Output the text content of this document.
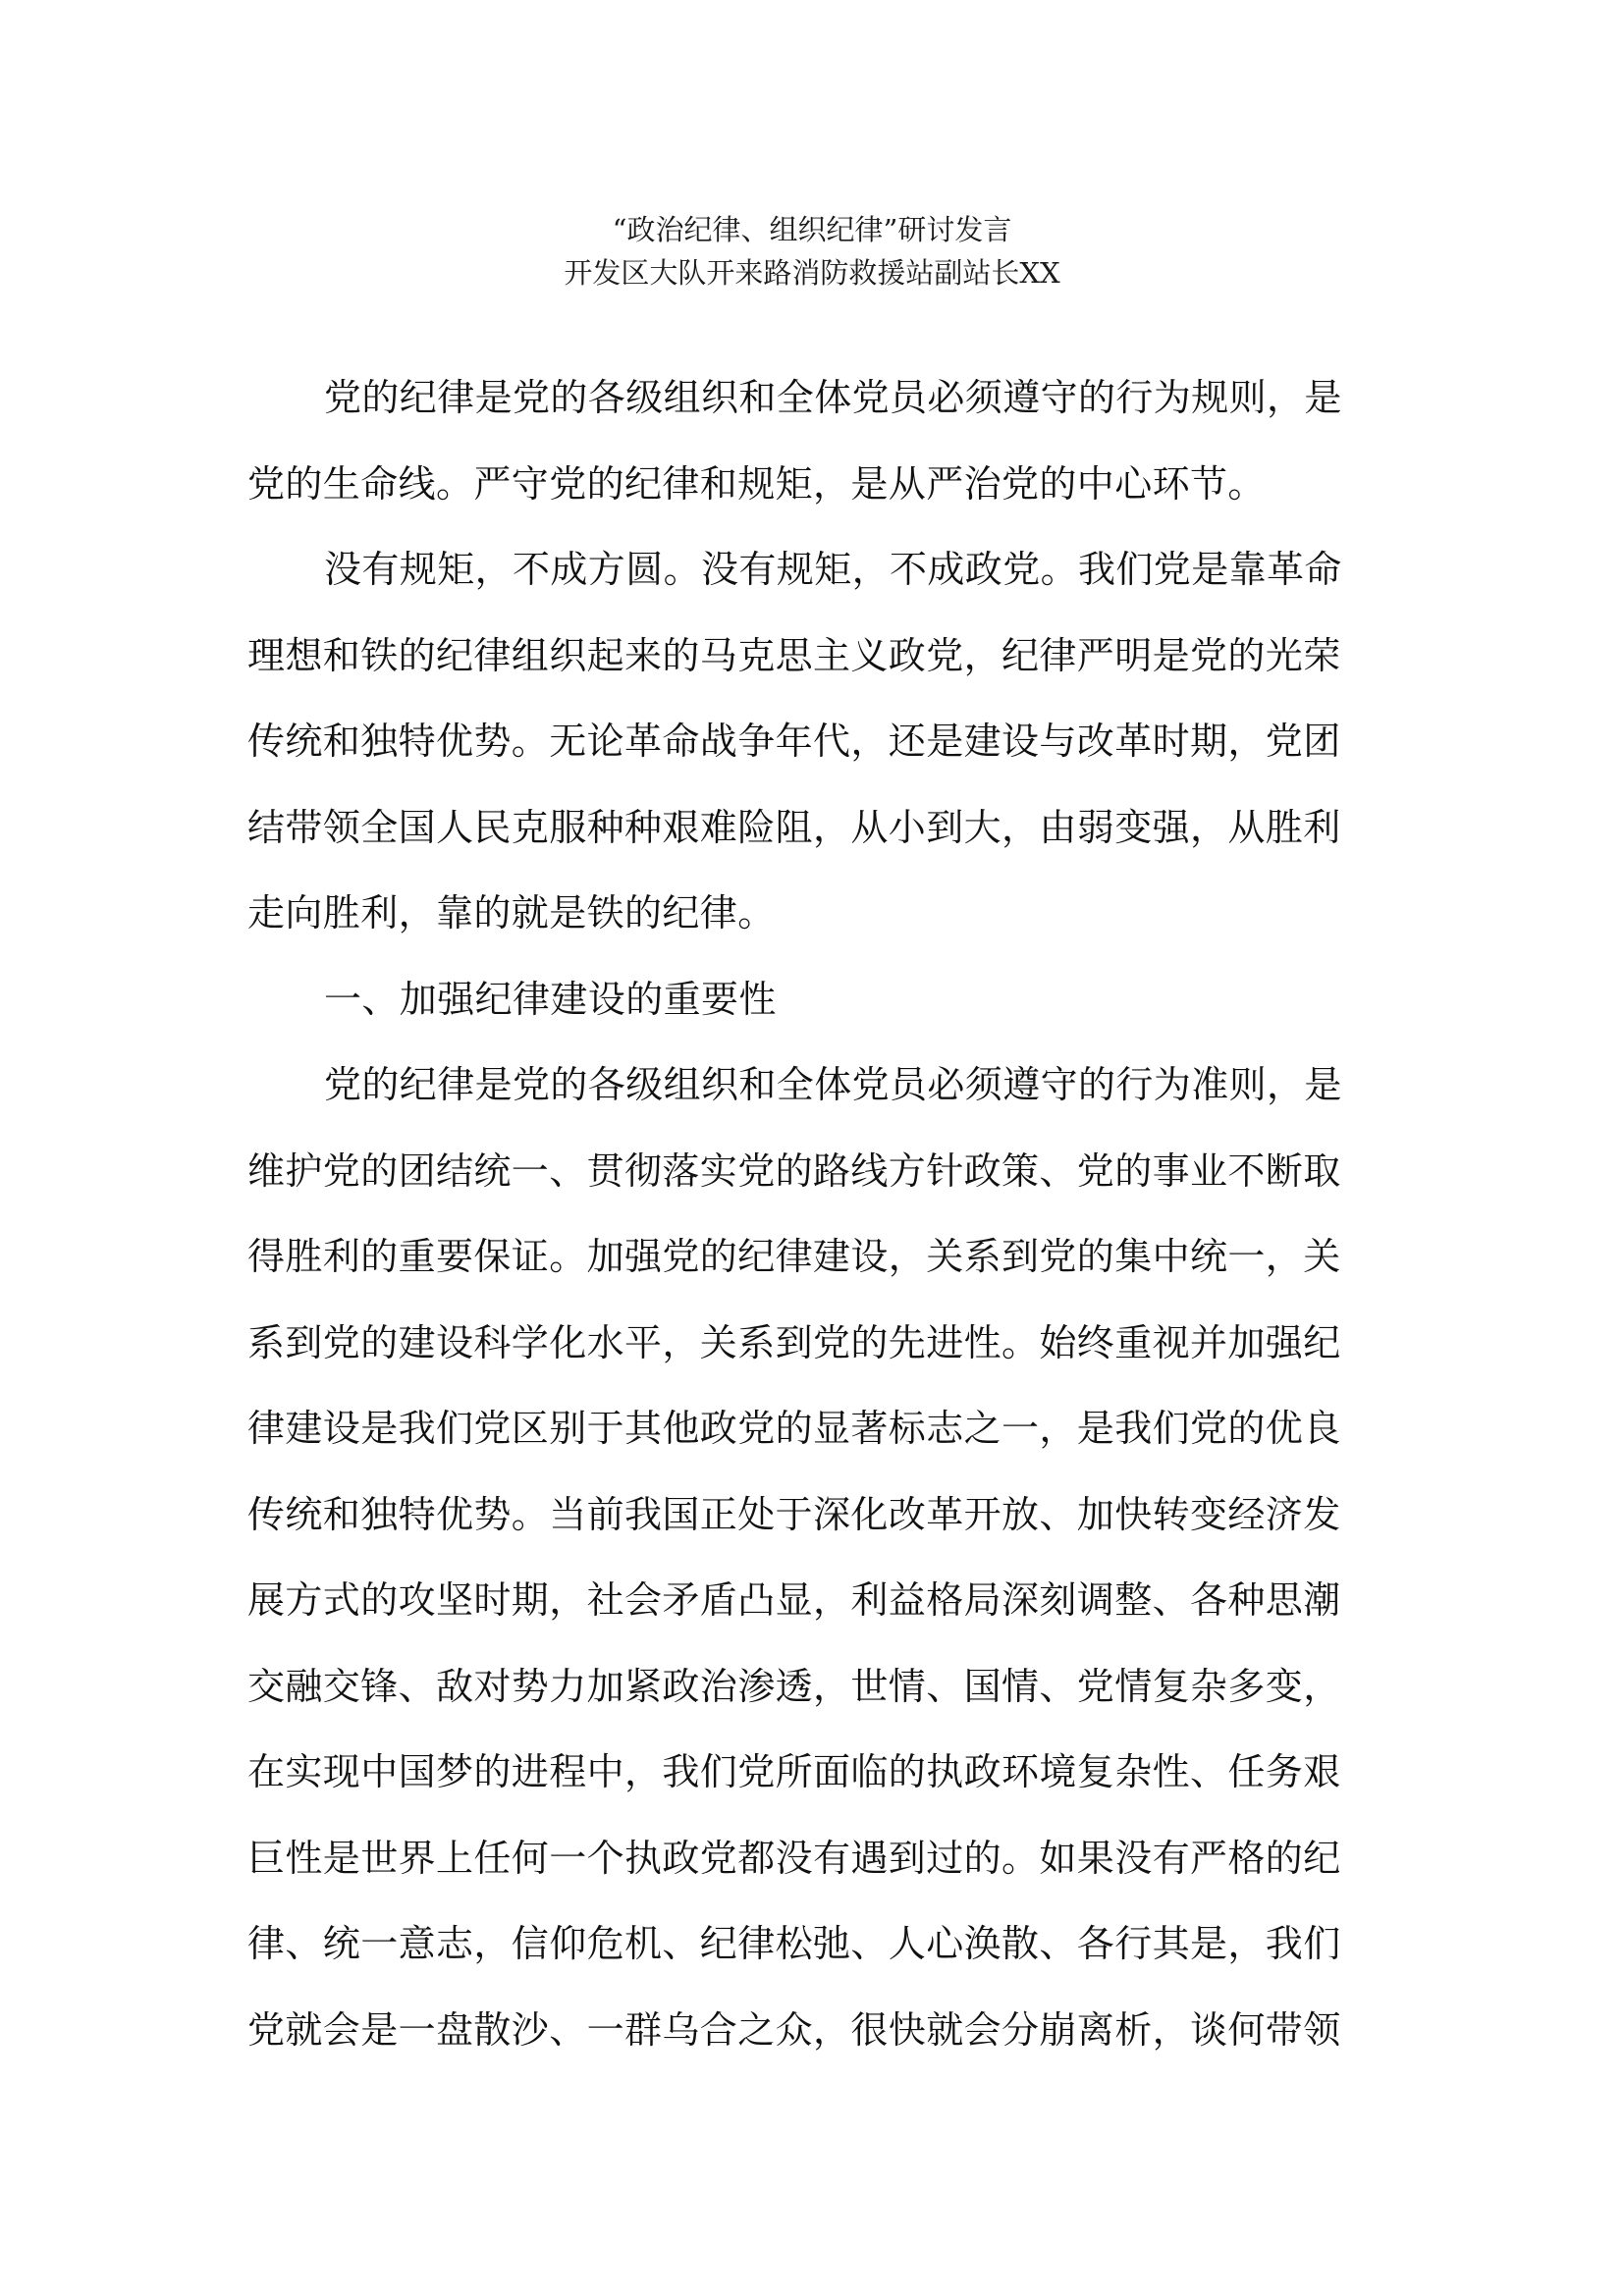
“政治纪律、组织纪律”研讨发言
开发区大队开来路消防救援站副站长XX
党的纪律是党的各级组织和全体党员必须遵守的行为规则，是
党的生命线。严守党的纪律和规矩，是从严治党的中心环节。
没有规矩，不成方圆。没有规矩，不成政党。我们党是靠革命
理想和铁的纪律组织起来的马克思主义政党，纪律严明是党的光荣
传统和独特优势。无论革命战争年代，还是建设与改革时期，党团
结带领全国人民克服种种艰难险阻，从小到大，由弱变强，从胜利
走向胜利，靠的就是铁的纪律。
一、加强纪律建设的重要性
党的纪律是党的各级组织和全体党员必须遵守的行为准则，是
维护党的团结统一、贯彻落实党的路线方针政策、党的事业不断取
得胜利的重要保证。加强党的纪律建设，关系到党的集中统一，关
系到党的建设科学化水平，关系到党的先进性。始终重视并加强纪
律建设是我们党区别于其他政党的显著标志之一，是我们党的优良
传统和独特优势。当前我国正处于深化改革开放、加快转变经济发
展方式的攻坚时期，社会矛盾凸显，利益格局深刻调整、各种思潮
交融交锋、敌对势力加紧政治渗透，世情、国情、党情复杂多变，
在实现中国梦的进程中，我们党所面临的执政环境复杂性、任务艰
巨性是世界上任何一个执政党都没有遇到过的。如果没有严格的纪
律、统一意志，信仰危机、纪律松弛、人心涣散、各行其是，我们
党就会是一盘散沙、一群乌合之众，很快就会分崩离析，谈何带领
